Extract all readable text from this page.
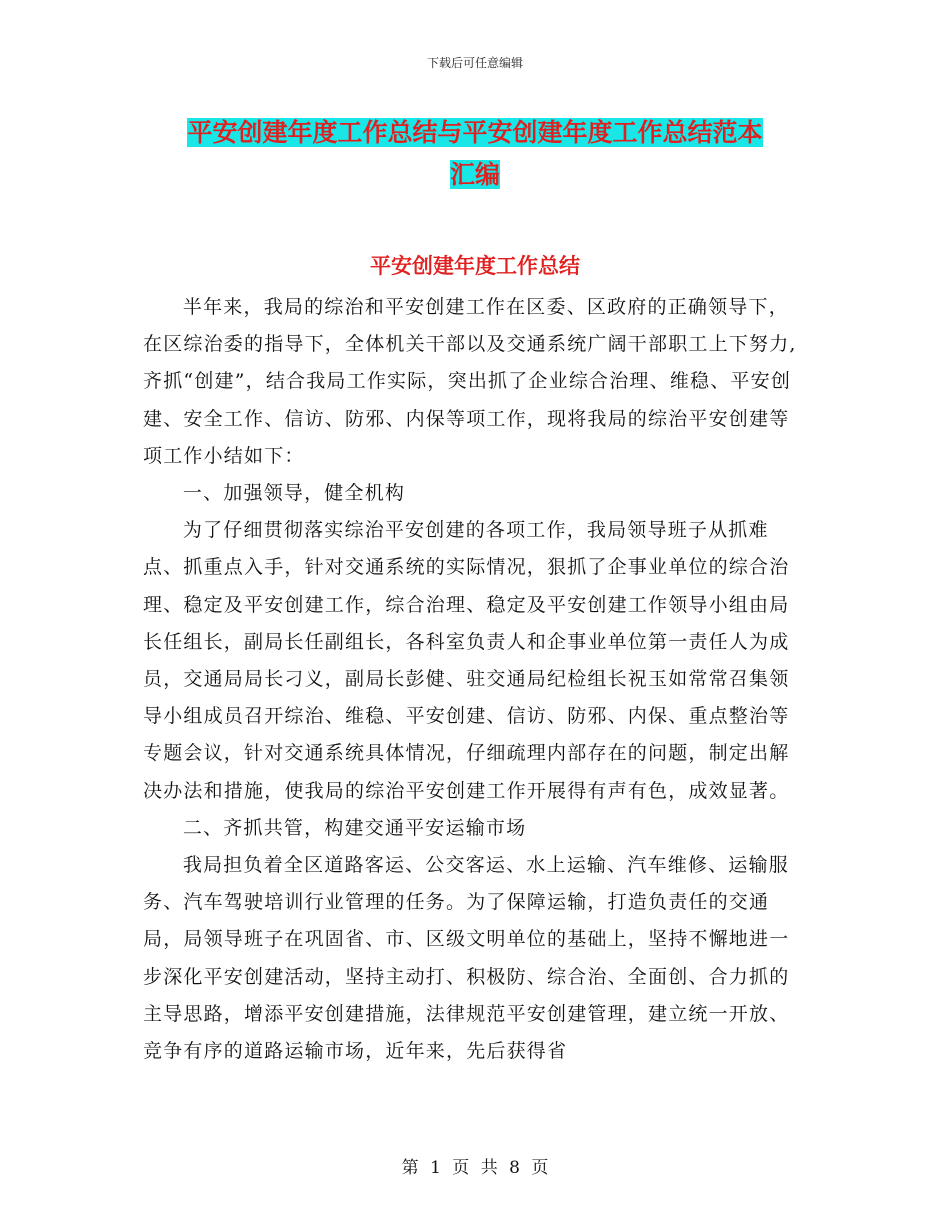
下载后可任意编辑
平安创建年度工作总结与平安创建年度工作总结范本
汇编
平安创建年度工作总结

半年来，我局的综治和平安创建工作在区委、区政府的正确领导下，在区综治委的指导下，全体机关干部以及交通系统广阔干部职工上下努力,齐抓“创建”，结合我局工作实际，突出抓了企业综合治理、维稳、平安创建、安全工作、信访、防邪、内保等项工作，现将我局的综治平安创建等项工作小结如下：

一、加强领导，健全机构

为了仔细贯彻落实综治平安创建的各项工作，我局领导班子从抓难点、抓重点入手，针对交通系统的实际情况，狠抓了企事业单位的综合治理、稳定及平安创建工作，综合治理、稳定及平安创建工作领导小组由局长任组长，副局长任副组长，各科室负责人和企事业单位第一责任人为成员，交通局局长刁义，副局长彭健、驻交通局纪检组长祝玉如常常召集领导小组成员召开综治、维稳、平安创建、信访、防邪、内保、重点整治等专题会议，针对交通系统具体情况，仔细疏理内部存在的问题，制定出解决办法和措施，使我局的综治平安创建工作开展得有声有色，成效显著。

二、齐抓共管，构建交通平安运输市场

我局担负着全区道路客运、公交客运、水上运输、汽车维修、运输服务、汽车驾驶培训行业管理的任务。为了保障运输，打造负责任的交通局，局领导班子在巩固省、市、区级文明单位的基础上，坚持不懈地进一步深化平安创建活动，坚持主动打、积极防、综合治、全面创、合力抓的主导思路，增添平安创建措施，法律规范平安创建管理，建立统一开放、竞争有序的道路运输市场，近年来，先后获得省

第 1 页 共 8 页
